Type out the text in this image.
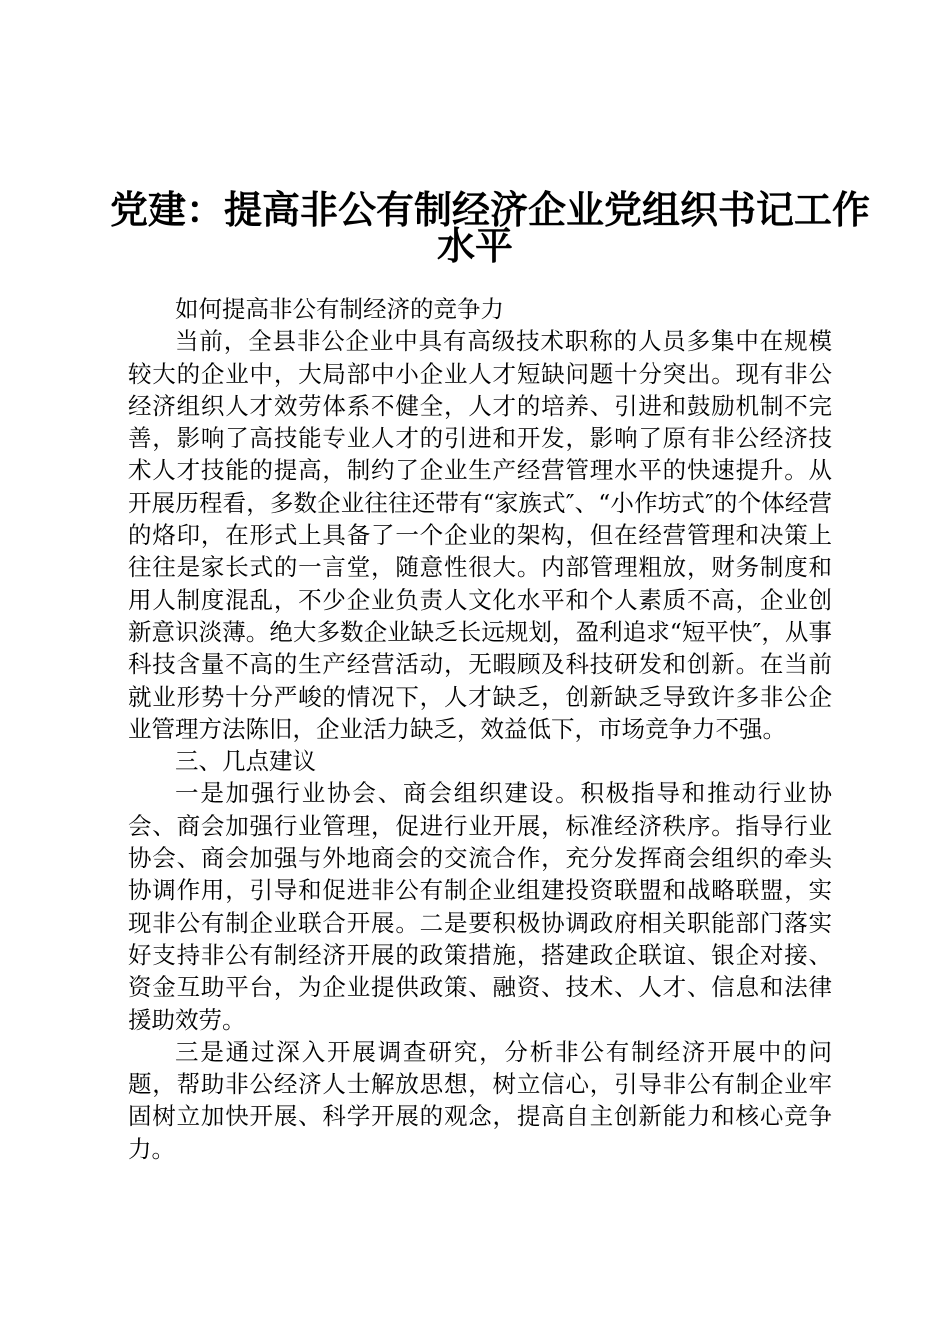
党建：提高非公有制经济企业党组织书记工作
水平

如何提高非公有制经济的竞争力

当前，全县非公企业中具有高级技术职称的人员多集中在规模较大的企业中，大局部中小企业人才短缺问题十分突出。现有非公经济组织人才效劳体系不健全，人才的培养、引进和鼓励机制不完善，影响了高技能专业人才的引进和开发，影响了原有非公经济技术人才技能的提高，制约了企业生产经营管理水平的快速提升。从开展历程看，多数企业往往还带有“家族式″、“小作坊式″的个体经营的烙印，在形式上具备了一个企业的架构，但在经营管理和决策上往往是家长式的一言堂，随意性很大。内部管理粗放，财务制度和用人制度混乱，不少企业负责人文化水平和个人素质不高，企业创新意识淡薄。绝大多数企业缺乏长远规划，盈利追求“短平快″，从事科技含量不高的生产经营活动，无暇顾及科技研发和创新。在当前就业形势十分严峻的情况下，人才缺乏，创新缺乏导致许多非公企业管理方法陈旧，企业活力缺乏，效益低下，市场竞争力不强。

三、几点建议

一是加强行业协会、商会组织建设。积极指导和推动行业协会、商会加强行业管理，促进行业开展，标准经济秩序。指导行业协会、商会加强与外地商会的交流合作，充分发挥商会组织的牵头协调作用，引导和促进非公有制企业组建投资联盟和战略联盟，实现非公有制企业联合开展。二是要积极协调政府相关职能部门落实好支持非公有制经济开展的政策措施，搭建政企联谊、银企对接、资金互助平台，为企业提供政策、融资、技术、人才、信息和法律援助效劳。

三是通过深入开展调查研究，分析非公有制经济开展中的问题，帮助非公经济人士解放思想，树立信心，引导非公有制企业牢固树立加快开展、科学开展的观念，提高自主创新能力和核心竞争力。
